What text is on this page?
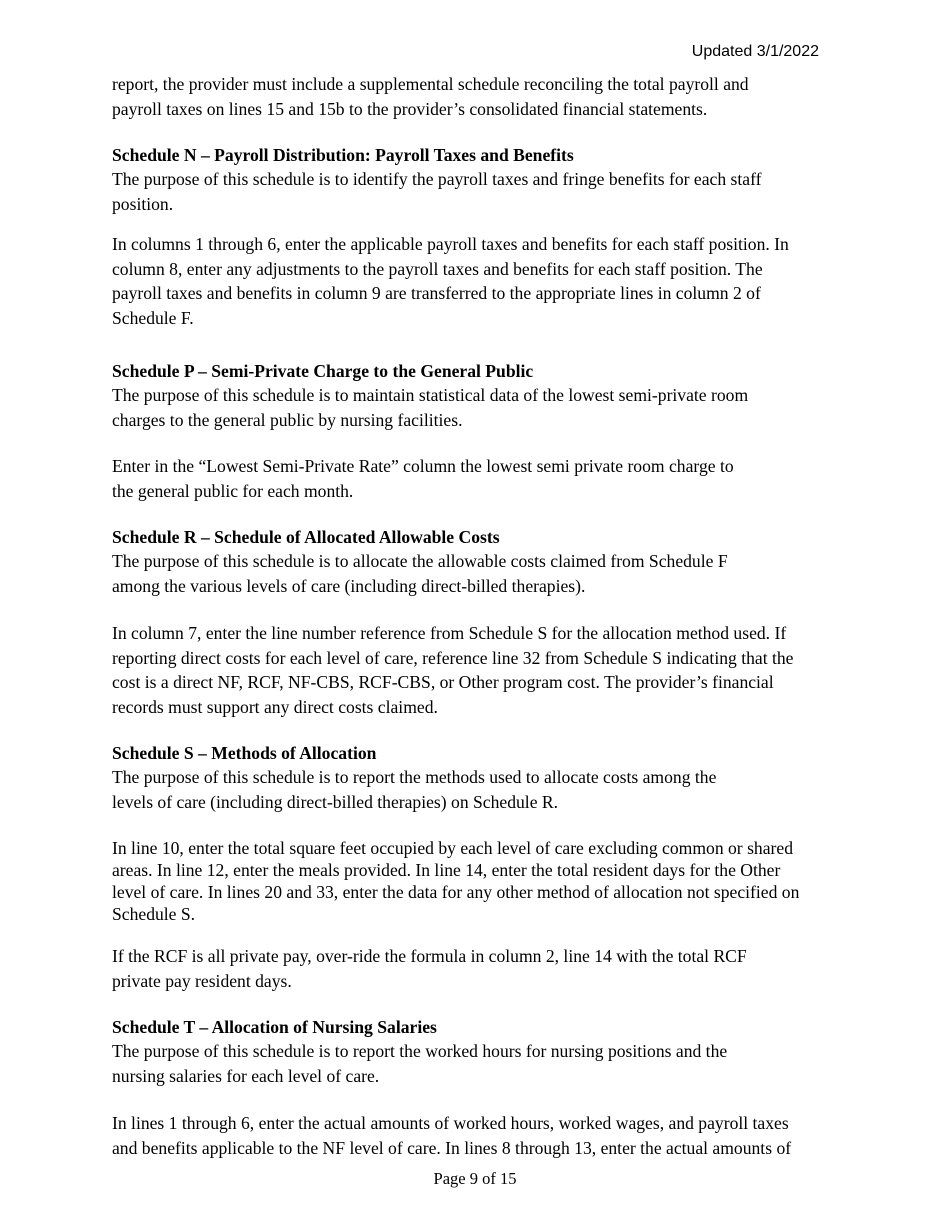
Updated 3/1/2022

report, the provider must include a supplemental schedule reconciling the total payroll and
payroll taxes on lines 15 and 15b to the provider’s consolidated financial statements.

Schedule N – Payroll Distribution: Payroll Taxes and Benefits

The purpose of this schedule is to identify the payroll taxes and fringe benefits for each staff
position.

In columns 1 through 6, enter the applicable payroll taxes and benefits for each staff position. In
column 8, enter any adjustments to the payroll taxes and benefits for each staff position. The
payroll taxes and benefits in column 9 are transferred to the appropriate lines in column 2 of
Schedule F.

Schedule P – Semi-Private Charge to the General Public

The purpose of this schedule is to maintain statistical data of the lowest semi-private room
charges to the general public by nursing facilities.

Enter in the “Lowest Semi-Private Rate” column the lowest semi private room charge to
the general public for each month.

Schedule R – Schedule of Allocated Allowable Costs

The purpose of this schedule is to allocate the allowable costs claimed from Schedule F
among the various levels of care (including direct-billed therapies).

In column 7, enter the line number reference from Schedule S for the allocation method used. If
reporting direct costs for each level of care, reference line 32 from Schedule S indicating that the
cost is a direct NF, RCF, NF-CBS, RCF-CBS, or Other program cost. The provider’s financial
records must support any direct costs claimed.

Schedule S – Methods of Allocation

The purpose of this schedule is to report the methods used to allocate costs among the
levels of care (including direct-billed therapies) on Schedule R.

In line 10, enter the total square feet occupied by each level of care excluding common or shared
areas. In line 12, enter the meals provided. In line 14, enter the total resident days for the Other
level of care. In lines 20 and 33, enter the data for any other method of allocation not specified on
Schedule S.

If the RCF is all private pay, over-ride the formula in column 2, line 14 with the total RCF
private pay resident days.

Schedule T – Allocation of Nursing Salaries

The purpose of this schedule is to report the worked hours for nursing positions and the
nursing salaries for each level of care.

In lines 1 through 6, enter the actual amounts of worked hours, worked wages, and payroll taxes
and benefits applicable to the NF level of care. In lines 8 through 13, enter the actual amounts of

Page 9 of 15
